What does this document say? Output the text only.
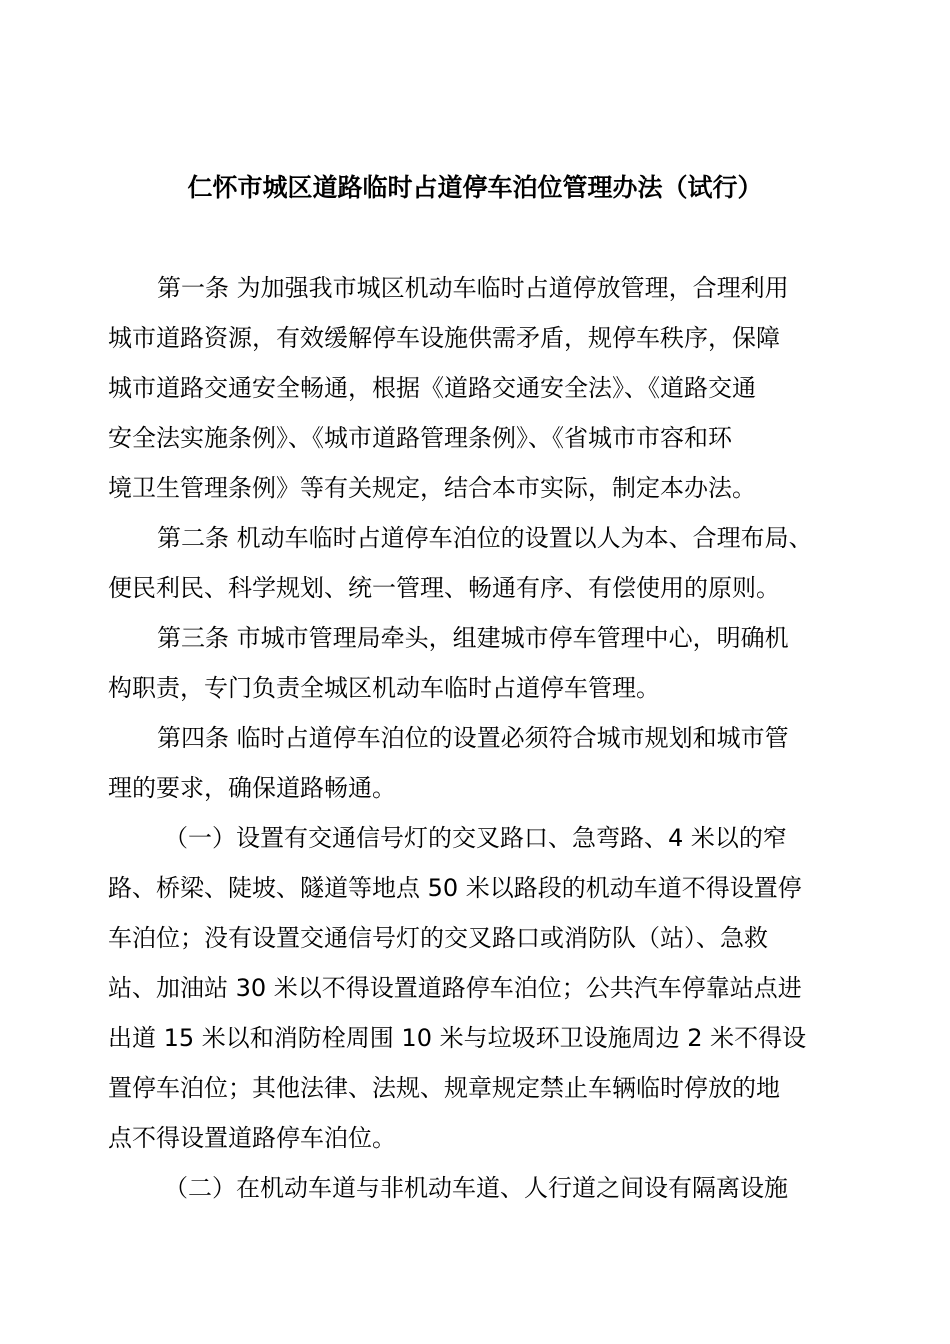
仁怀市城区道路临时占道停车泊位管理办法（试行）
第一条 为加强我市城区机动车临时占道停放管理，合理利用
城市道路资源，有效缓解停车设施供需矛盾，规停车秩序，保障
城市道路交通安全畅通，根据《道路交通安全法》、《道路交通
安全法实施条例》、《城市道路管理条例》、《省城市市容和环
境卫生管理条例》等有关规定，结合本市实际，制定本办法。
第二条 机动车临时占道停车泊位的设置以人为本、合理布局、
便民利民、科学规划、统一管理、畅通有序、有偿使用的原则。
第三条 市城市管理局牵头，组建城市停车管理中心，明确机
构职责，专门负责全城区机动车临时占道停车管理。
第四条 临时占道停车泊位的设置必须符合城市规划和城市管
理的要求，确保道路畅通。
（一）设置有交通信号灯的交叉路口、急弯路、4 米以的窄
路、桥梁、陡坡、隧道等地点 50 米以路段的机动车道不得设置停
车泊位；没有设置交通信号灯的交叉路口或消防队（站）、急救
站、加油站 30 米以不得设置道路停车泊位；公共汽车停靠站点进
出道 15 米以和消防栓周围 10 米与垃圾环卫设施周边 2 米不得设
置停车泊位；其他法律、法规、规章规定禁止车辆临时停放的地
点不得设置道路停车泊位。
（二）在机动车道与非机动车道、人行道之间设有隔离设施
